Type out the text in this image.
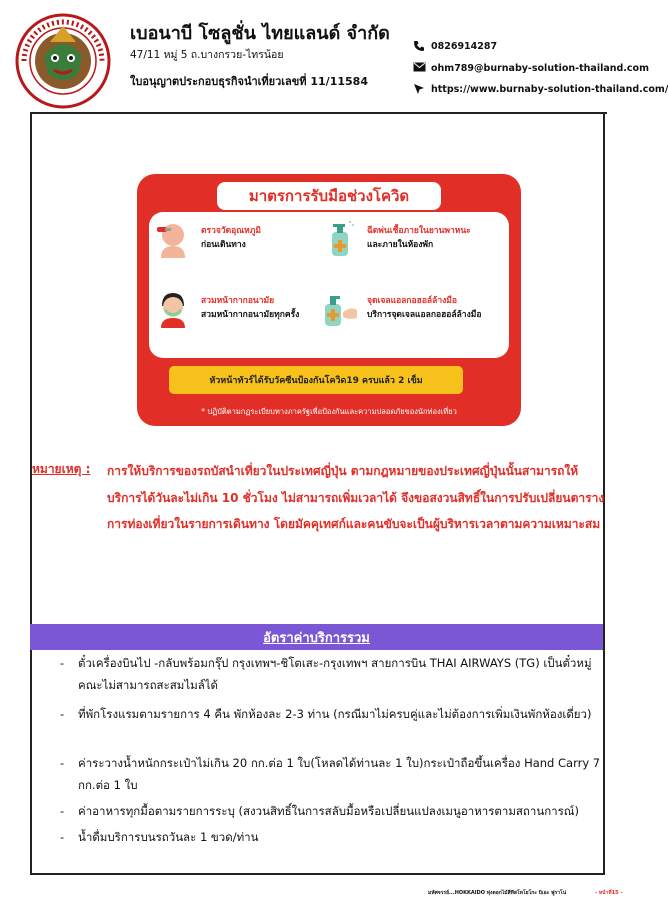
เบอนาบี โซลูชั่น ไทยแลนด์ จำกัด
47/11 หมู่ 5 ถ.บางกรวย-ไทรน้อย
ใบอนุญาตประกอบธุรกิจนำเที่ยวเลขที่ 11/11584
0826914287
ohm789@burnaby-solution-thailand.com
https://www.burnaby-solution-thailand.com/
มาตรการรับมือช่วงโควิด
ตรวจวัดอุณหภูมิ
ก่อนเดินทาง
ฉีดพ่นเชื้อภายในยานพาหนะ
และภายในห้องพัก
สวมหน้ากากอนามัย
สวมหน้ากากอนามัยทุกครั้ง
จุดเจลแอลกอฮอล์ล้างมือ
บริการจุดเจลแอลกอฮอล์ล้างมือ
หัวหน้าทัวร์ได้รับวัคซีนป้องกันโควิด19 ครบแล้ว 2 เข็ม
* ปฏิบัติตามกฏระเบียบทางภาครัฐเพื่อป้องกันและความปลอดภัยของนักท่องเที่ยว
หมายเหตุ : การให้บริการของรถบัสนำเที่ยวในประเทศญี่ปุ่น ตามกฎหมายของประเทศญี่ปุ่นนั้นสามารถให้บริการได้วันละไม่เกิน 10 ชั่วโมง ไม่สามารถเพิ่มเวลาได้ จึงขอสงวนสิทธิ์ในการปรับเปลี่ยนตารางการท่องเที่ยวในรายการเดินทาง โดยมัคคุเทศก์และคนขับจะเป็นผู้บริหารเวลาตามความเหมาะสม
อัตราค่าบริการรวม
-	ตั๋วเครื่องบินไป -กลับพร้อมกรุ๊ป กรุงเทพฯ-ชิโตเสะ-กรุงเทพฯ สายการบิน THAI AIRWAYS (TG) เป็นตั๋วหมู่คณะไม่สามารถสะสมไมล์ได้
-	ที่พักโรงแรมตามรายการ 4 คืน พักห้องละ 2-3 ท่าน (กรณีมาไม่ครบคู่และไม่ต้องการเพิ่มเงินพักห้องเดี่ยว)
-	ค่าระวางน้ำหนักกระเป๋าไม่เกิน 20 กก.ต่อ 1 ใบ(โหลดได้ท่านละ 1 ใบ)กระเป๋าถือขึ้นเครื่อง Hand Carry 7 กก.ต่อ 1 ใบ
-	ค่าอาหารทุกมื้อตามรายการระบุ (สงวนสิทธิ์ในการสลับมื้อหรือเปลี่ยนแปลงเมนูอาหารตามสถานการณ์)
-	น้ำดื่มบริการบนรถวันละ 1 ขวด/ท่าน
มหัศจรรย์...HOKKAIDO ทุ่งดอกไม้สีทีสโทโยโกะ บิเอะ ฟูราโน่	- หน้าที่15 -
